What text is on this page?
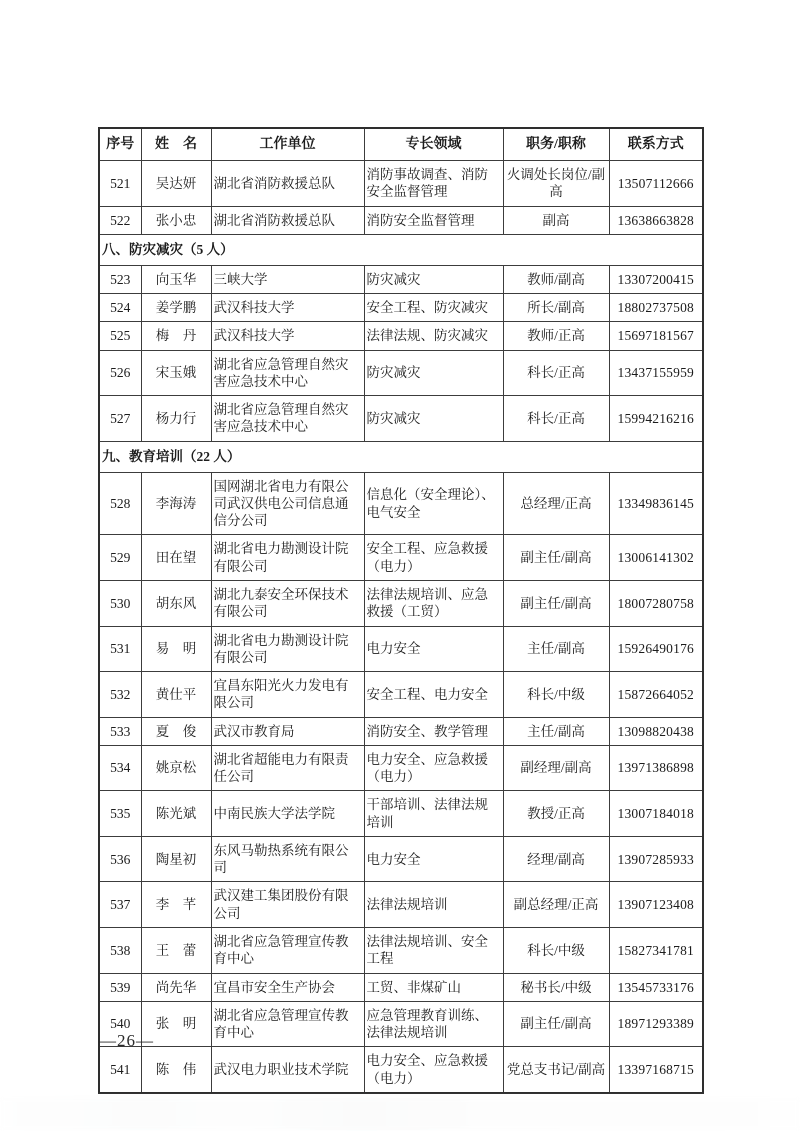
序号	姓　名	工作单位	专长领域	职务/职称	联系方式
521	吴达妍	湖北省消防救援总队	消防事故调查、消防安全监督管理	火调处长岗位/副高	13507112666
522	张小忠	湖北省消防救援总队	消防安全监督管理	副高	13638663828
八、防灾减灾（5 人）					
523	向玉华	三峡大学	防灾减灾	教师/副高	13307200415
524	姜学鹏	武汉科技大学	安全工程、防灾减灾	所长/副高	18802737508
525	梅　丹	武汉科技大学	法律法规、防灾减灾	教师/正高	15697181567
526	宋玉娥	湖北省应急管理自然灾害应急技术中心	防灾减灾	科长/正高	13437155959
527	杨力行	湖北省应急管理自然灾害应急技术中心	防灾减灾	科长/正高	15994216216
九、教育培训（22 人）					
528	李海涛	国网湖北省电力有限公司武汉供电公司信息通信分公司	信息化（安全理论）、电气安全	总经理/正高	13349836145
529	田在望	湖北省电力勘测设计院有限公司	安全工程、应急救援（电力）	副主任/副高	13006141302
530	胡东风	湖北九泰安全环保技术有限公司	法律法规培训、应急救援（工贸）	副主任/副高	18007280758
531	易　明	湖北省电力勘测设计院有限公司	电力安全	主任/副高	15926490176
532	黄仕平	宜昌东阳光火力发电有限公司	安全工程、电力安全	科长/中级	15872664052
533	夏　俊	武汉市教育局	消防安全、教学管理	主任/副高	13098820438
534	姚京松	湖北省超能电力有限责任公司	电力安全、应急救援（电力）	副经理/副高	13971386898
535	陈光斌	中南民族大学法学院	干部培训、法律法规培训	教授/正高	13007184018
536	陶星初	东风马勒热系统有限公司	电力安全	经理/副高	13907285933
537	李　芊	武汉建工集团股份有限公司	法律法规培训	副总经理/正高	13907123408
538	王　蕾	湖北省应急管理宣传教育中心	法律法规培训、安全工程	科长/中级	15827341781
539	尚先华	宜昌市安全生产协会	工贸、非煤矿山	秘书长/中级	13545733176
540	张　明	湖北省应急管理宣传教育中心	应急管理教育训练、法律法规培训	副主任/副高	18971293389
541	陈　伟	武汉电力职业技术学院	电力安全、应急救援（电力）	党总支书记/副高	13397168715
—26—
